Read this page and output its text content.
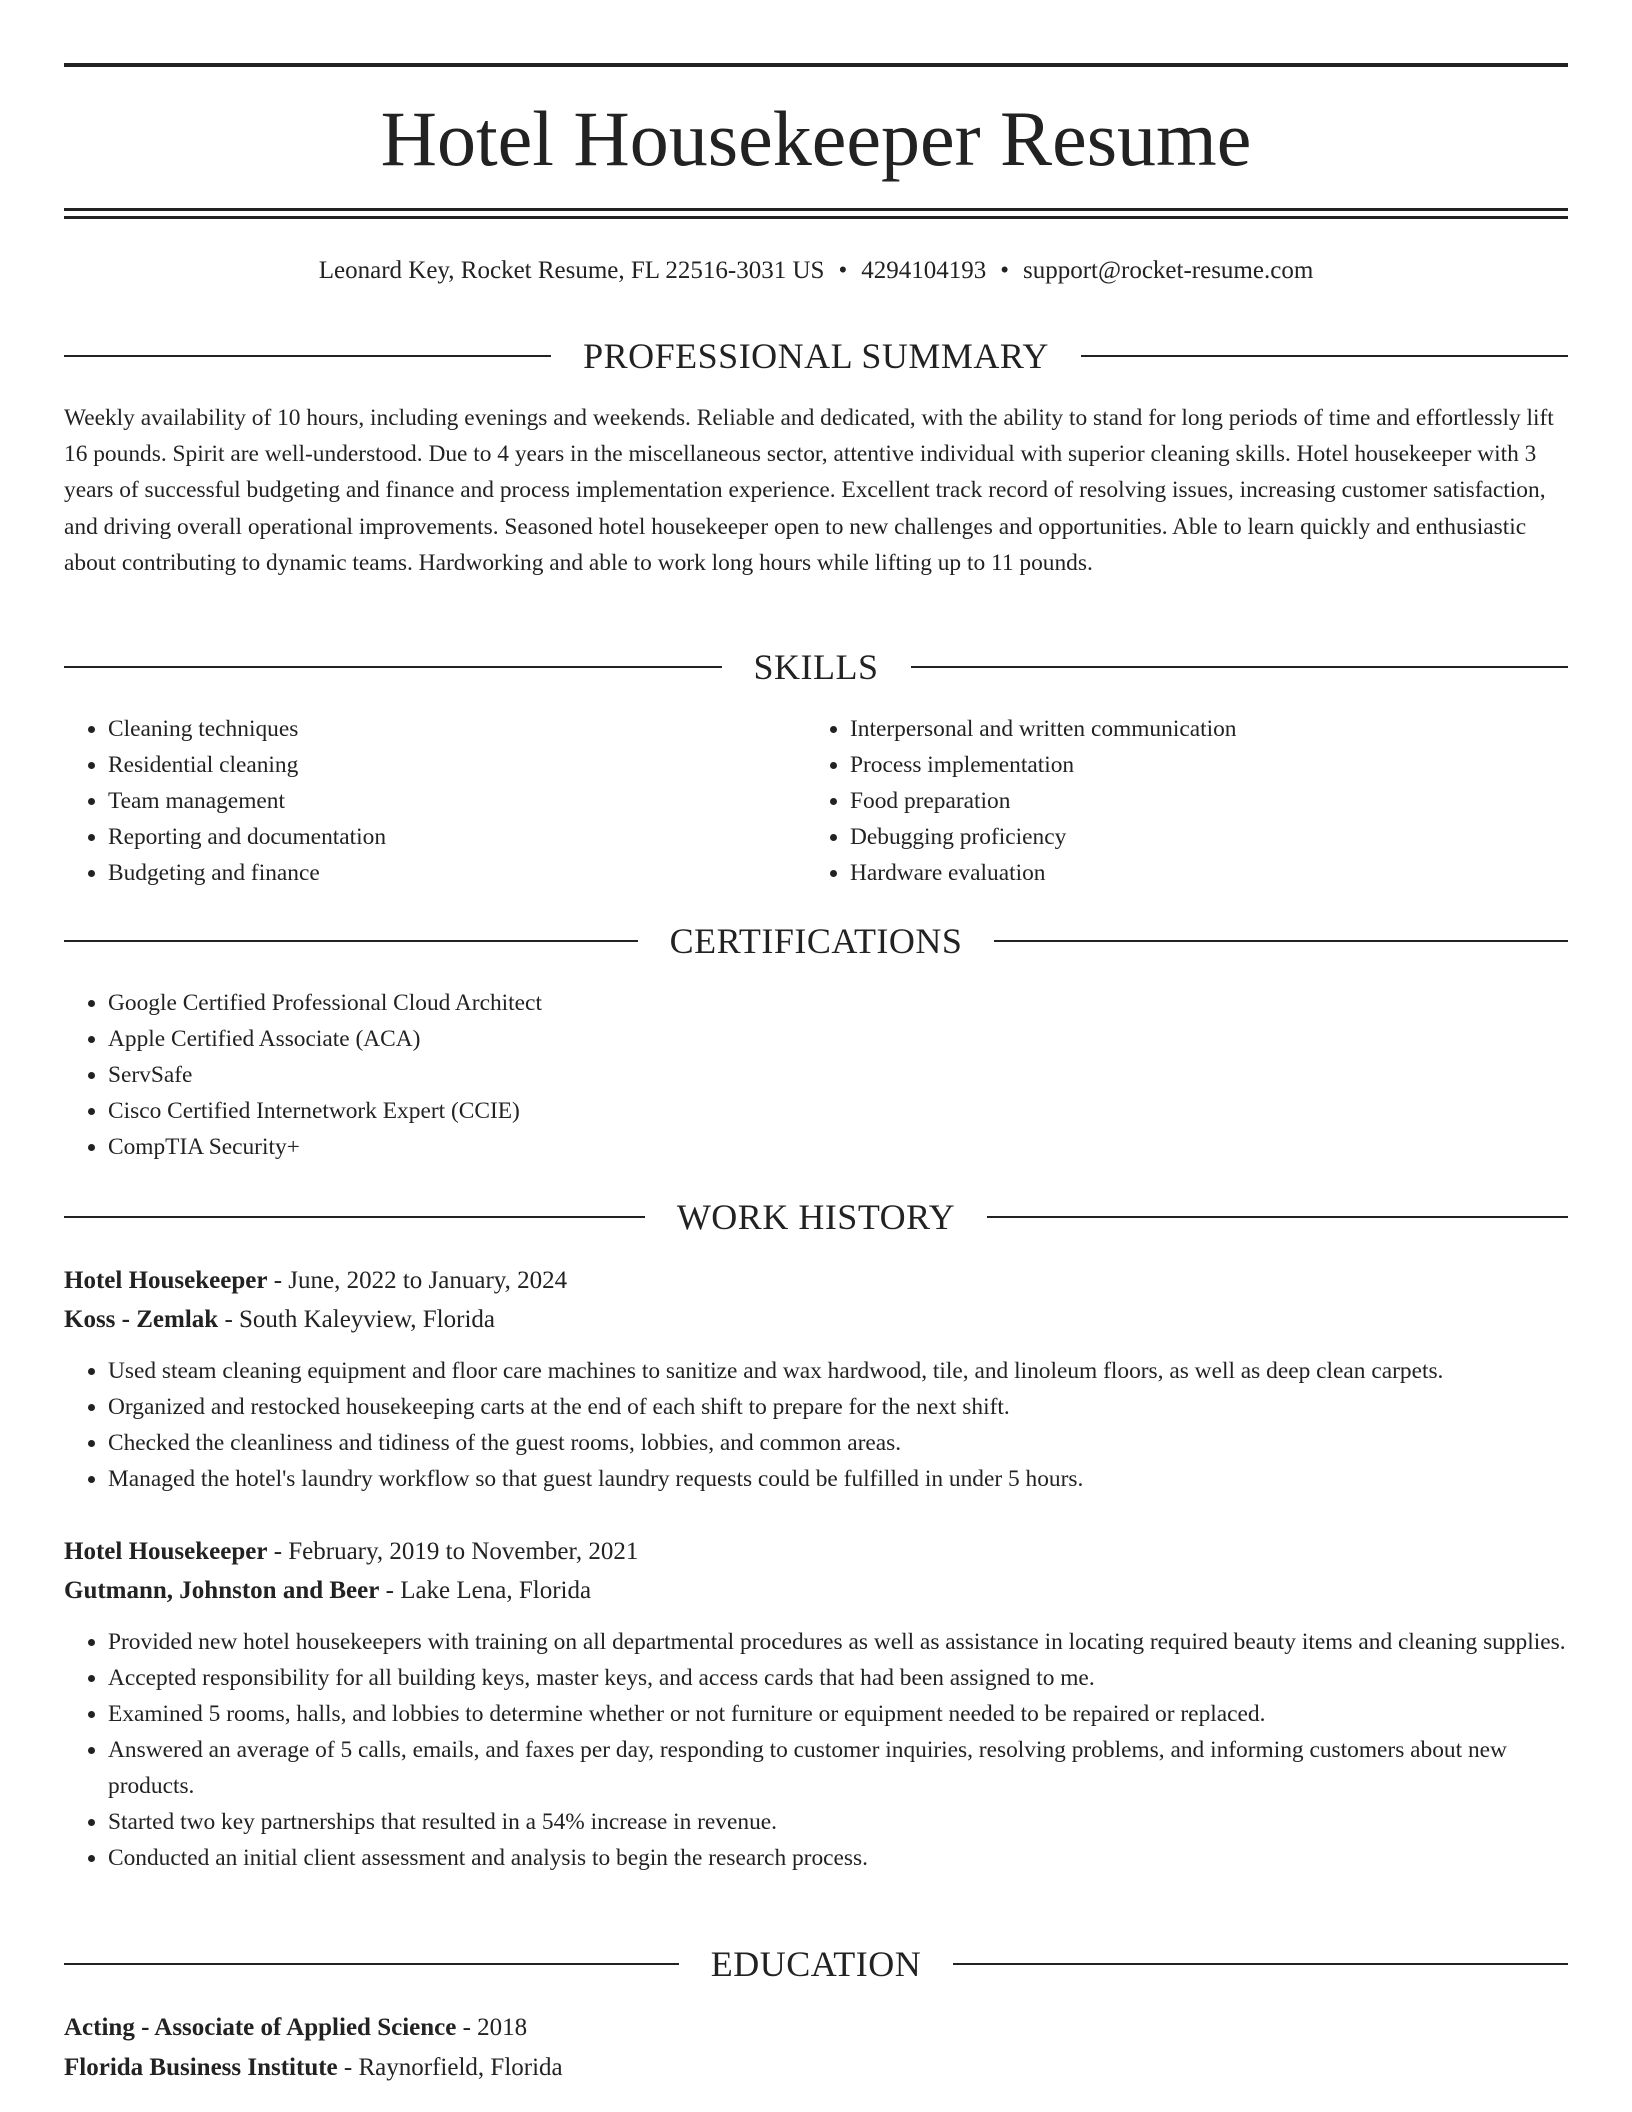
Hotel Housekeeper Resume
Leonard Key, Rocket Resume, FL 22516-3031 US • 4294104193 • support@rocket-resume.com
PROFESSIONAL SUMMARY

Weekly availability of 10 hours, including evenings and weekends. Reliable and dedicated, with the ability to stand for long periods of time and effortlessly lift 16 pounds. Spirit are well-understood. Due to 4 years in the miscellaneous sector, attentive individual with superior cleaning skills. Hotel housekeeper with 3 years of successful budgeting and finance and process implementation experience. Excellent track record of resolving issues, increasing customer satisfaction, and driving overall operational improvements. Seasoned hotel housekeeper open to new challenges and opportunities. Able to learn quickly and enthusiastic about contributing to dynamic teams. Hardworking and able to work long hours while lifting up to 11 pounds.

SKILLS
• Cleaning techniques
• Residential cleaning
• Team management
• Reporting and documentation
• Budgeting and finance
• Interpersonal and written communication
• Process implementation
• Food preparation
• Debugging proficiency
• Hardware evaluation
CERTIFICATIONS
• Google Certified Professional Cloud Architect
• Apple Certified Associate (ACA)
• ServSafe
• Cisco Certified Internetwork Expert (CCIE)
• CompTIA Security+
WORK HISTORY
Hotel Housekeeper - June, 2022 to January, 2024
Koss - Zemlak - South Kaleyview, Florida
• Used steam cleaning equipment and floor care machines to sanitize and wax hardwood, tile, and linoleum floors, as well as deep clean carpets.
• Organized and restocked housekeeping carts at the end of each shift to prepare for the next shift.
• Checked the cleanliness and tidiness of the guest rooms, lobbies, and common areas.
• Managed the hotel's laundry workflow so that guest laundry requests could be fulfilled in under 5 hours.
Hotel Housekeeper - February, 2019 to November, 2021
Gutmann, Johnston and Beer - Lake Lena, Florida
• Provided new hotel housekeepers with training on all departmental procedures as well as assistance in locating required beauty items and cleaning supplies.
• Accepted responsibility for all building keys, master keys, and access cards that had been assigned to me.
• Examined 5 rooms, halls, and lobbies to determine whether or not furniture or equipment needed to be repaired or replaced.
• Answered an average of 5 calls, emails, and faxes per day, responding to customer inquiries, resolving problems, and informing customers about new products.
• Started two key partnerships that resulted in a 54% increase in revenue.
• Conducted an initial client assessment and analysis to begin the research process.
EDUCATION
Acting - Associate of Applied Science - 2018
Florida Business Institute - Raynorfield, Florida
